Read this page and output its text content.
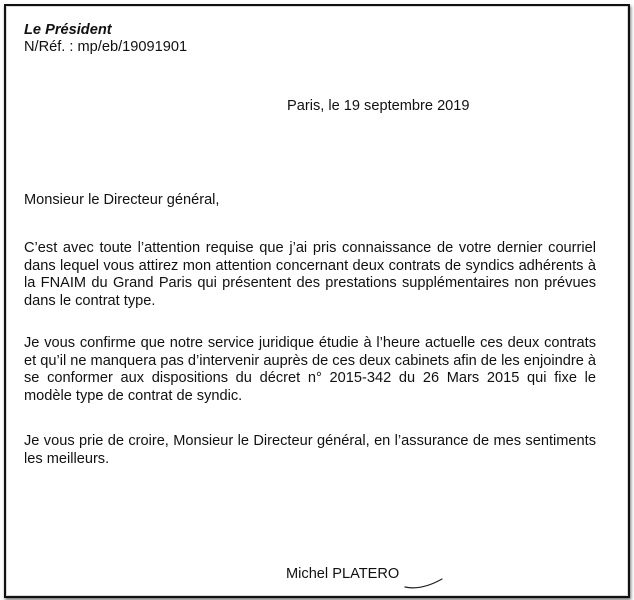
Le Président
N/Réf. : mp/eb/19091901
Paris, le 19 septembre 2019
Monsieur le Directeur général,

C’est avec toute l’attention requise que j’ai pris connaissance de votre dernier courriel dans lequel vous attirez mon attention concernant deux contrats de syndics adhérents à la FNAIM du Grand Paris qui présentent des prestations supplémentaires non prévues dans le contrat type.

Je vous confirme que notre service juridique étudie à l’heure actuelle ces deux contrats et qu’il ne manquera pas d’intervenir auprès de ces deux cabinets afin de les enjoindre à se conformer aux dispositions du décret n° 2015-342 du 26 Mars 2015 qui fixe le modèle type de contrat de syndic.

Je vous prie de croire, Monsieur le Directeur général, en l’assurance de mes sentiments les meilleurs.

Michel PLATERO
